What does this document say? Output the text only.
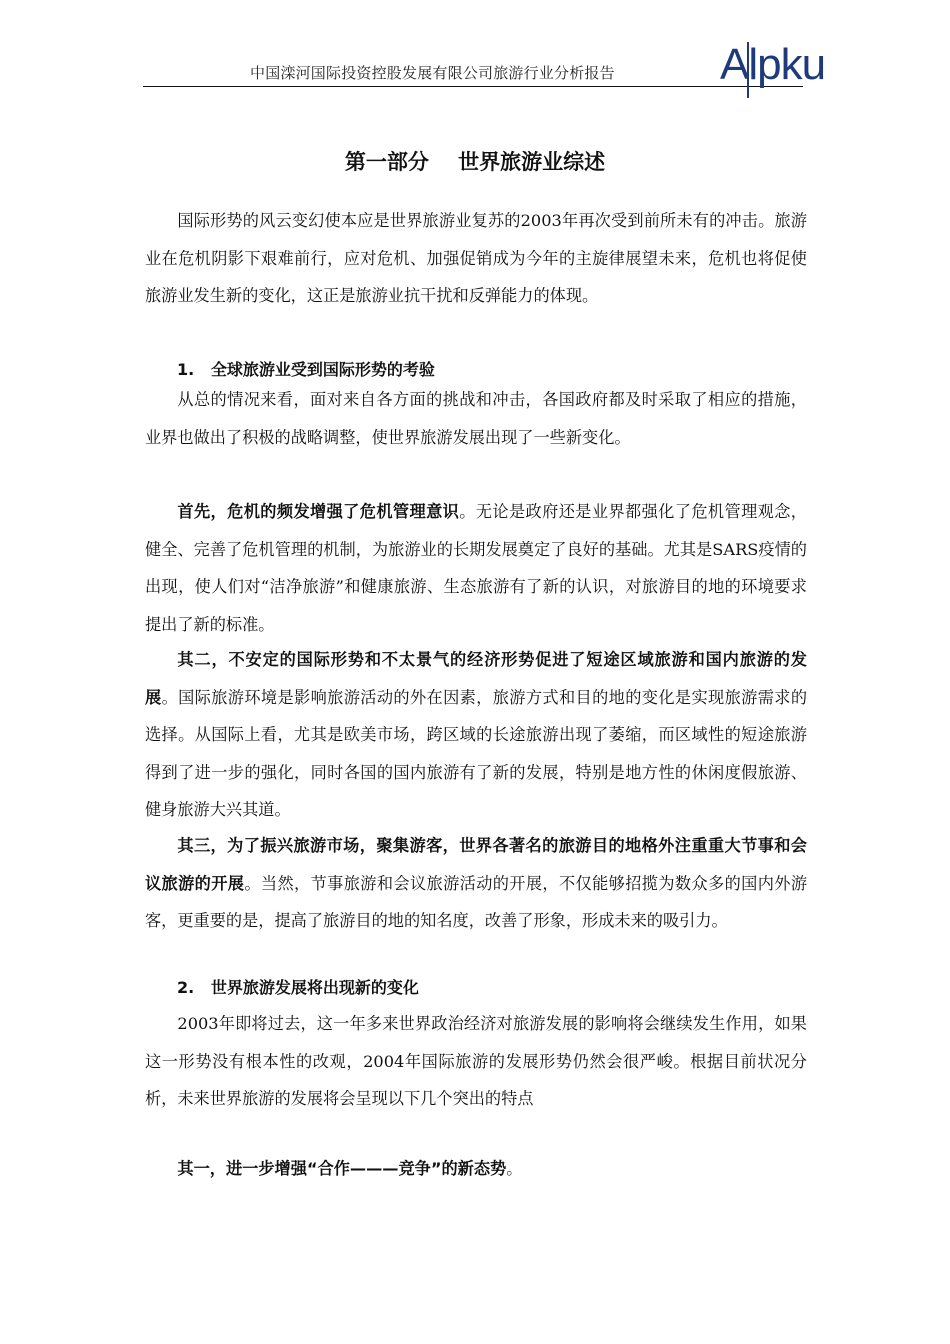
中国滦河国际投资控股发展有限公司旅游行业分析报告	Alpku
第一部分    世界旅游业综述
国际形势的风云变幻使本应是世界旅游业复苏的2003年再次受到前所未有的冲击。旅游业在危机阴影下艰难前行，应对危机、加强促销成为今年的主旋律展望未来，危机也将促使旅游业发生新的变化，这正是旅游业抗干扰和反弹能力的体现。
1.   全球旅游业受到国际形势的考验
从总的情况来看，面对来自各方面的挑战和冲击，各国政府都及时采取了相应的措施，业界也做出了积极的战略调整，使世界旅游发展出现了一些新变化。
首先，危机的频发增强了危机管理意识。无论是政府还是业界都强化了危机管理观念，健全、完善了危机管理的机制，为旅游业的长期发展奠定了良好的基础。尤其是SARS疫情的出现，使人们对“洁净旅游”和健康旅游、生态旅游有了新的认识，对旅游目的地的环境要求提出了新的标准。
其二，不安定的国际形势和不太景气的经济形势促进了短途区域旅游和国内旅游的发展。国际旅游环境是影响旅游活动的外在因素，旅游方式和目的地的变化是实现旅游需求的选择。从国际上看，尤其是欧美市场，跨区域的长途旅游出现了萎缩，而区域性的短途旅游得到了进一步的强化，同时各国的国内旅游有了新的发展，特别是地方性的休闲度假旅游、健身旅游大兴其道。
其三，为了振兴旅游市场，聚集游客，世界各著名的旅游目的地格外注重重大节事和会议旅游的开展。当然，节事旅游和会议旅游活动的开展，不仅能够招揽为数众多的国内外游客，更重要的是，提高了旅游目的地的知名度，改善了形象，形成未来的吸引力。
2.   世界旅游发展将出现新的变化
2003年即将过去，这一年多来世界政治经济对旅游发展的影响将会继续发生作用，如果这一形势没有根本性的改观，2004年国际旅游的发展形势仍然会很严峻。根据目前状况分析，未来世界旅游的发展将会呈现以下几个突出的特点
其一，进一步增强“合作———竞争”的新态势。
